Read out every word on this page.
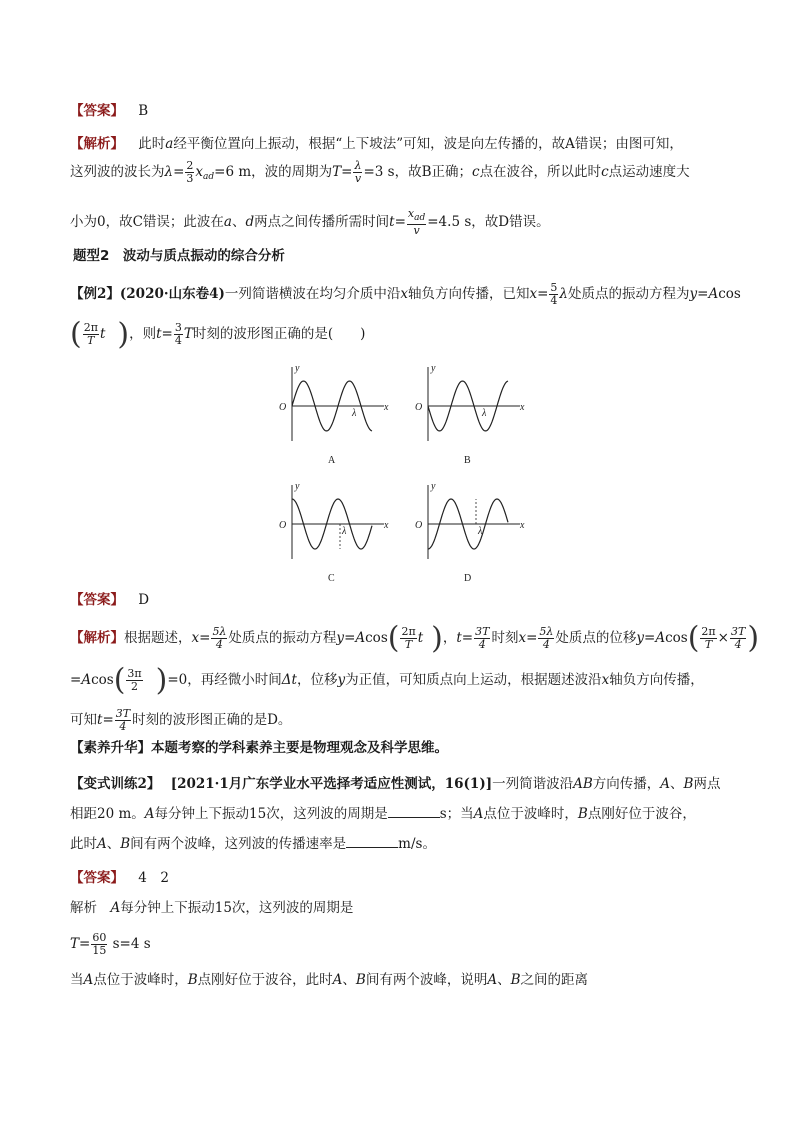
【答案】 B
【解析】 此时a经平衡位置向上振动，根据“上下坡法”可知，波是向左传播的，故A错误；由图可知，
这列波的波长为$\lambda= \frac{2}{3} x_{ad}=6$ m，波的周期为$T= \frac{\lambda}{v} =3$ s，故B正确；c点在波谷，所以此时c点运动速度大
小为0，故C错误；此波在a、d两点之间传播所需时间$t= \frac{x_{ad}}{v} =4.5$ s，故D错误。
题型2　波动与质点振动的综合分析
【例2】(2020·山东卷4)一列简谐横波在均匀介质中沿x轴负方向传播，已知$x= \frac{5}{4}$ λ处质点的振动方程为y=Acos
( $\frac{2\pi}{T}$ t )，则$t= \frac{3}{4}$ T时刻的波形图正确的是(　　)
y
x
O
λ
A
y
x
O
λ
B
y
x
O
λ
C
y
x
O
λ
D
【答案】 D
【解析】根据题述，$x= \frac{5\lambda}{4}$ 处质点的振动方程$y=Acos( \frac{2\pi}{T}$ t )，$t= \frac{3T}{4}$ 时刻$x= \frac{5\lambda}{4}$ 处质点的位移$y=Acos( \frac{2\pi}{T} \times \frac{3T}{4}$ )
$=Acos( \frac{3\pi}{2} )=0$，再经微小时间Δt，位移y为正值，可知质点向上运动，根据题述波沿x轴负方向传播，
可知$t= \frac{3T}{4}$ 时刻的波形图正确的是D。
【素养升华】本题考察的学科素养主要是物理观念及科学思维。
【变式训练2】 [2021·1月广东学业水平选择考适应性测试，16(1)]一列简谐波沿AB方向传播，A、B两点
相距20 m。A每分钟上下振动15次，这列波的周期是	s；当A点位于波峰时，B点刚好位于波谷，
此时A、B间有两个波峰，这列波的传播速率是	m/s。
【答案】 4　2
解析　A每分钟上下振动15次，这列波的周期是
$T= \frac{60}{15} s=4$ s
当A点位于波峰时，B点刚好位于波谷，此时A、B间有两个波峰，说明A、B之间的距离
